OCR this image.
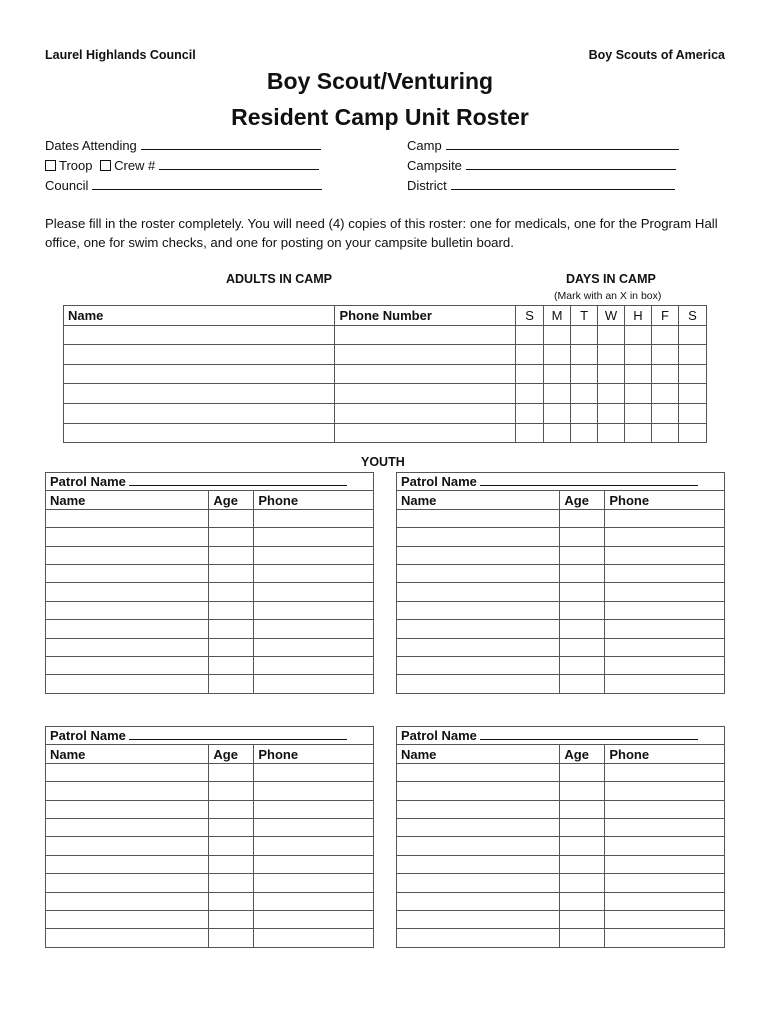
Laurel Highlands Council	Boy Scouts of America
Boy Scout/Venturing
Resident Camp Unit Roster
Dates Attending
Troop Crew #
Council
Camp
Campsite
District
Please fill in the roster completely. You will need (4) copies of this roster: one for medicals, one for the Program Hall office, one for swim checks, and one for posting on your campsite bulletin board.
ADULTS IN CAMP	DAYS IN CAMP
(Mark with an X in box)
Name	Phone Number	S	M	T	W	H	F	S

YOUTH
Patrol Name		
Name	Age	Phone

Patrol Name		
Name	Age	Phone

Patrol Name		
Name	Age	Phone

Patrol Name		
Name	Age	Phone
